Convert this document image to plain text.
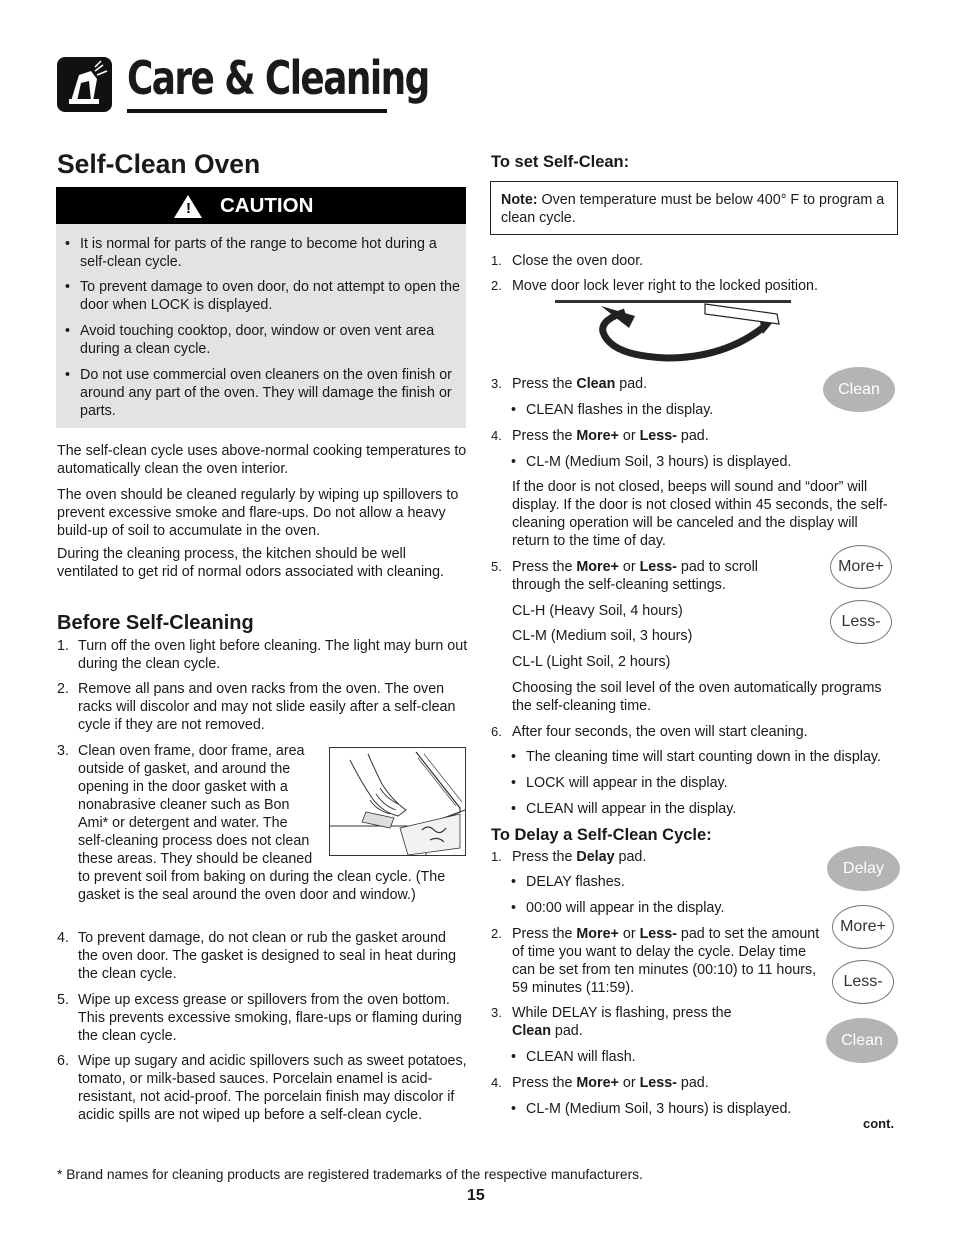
Care & Cleaning
Self-Clean Oven
! CAUTION

• It is normal for parts of the range to become hot during a self-clean cycle.

• To prevent damage to oven door, do not attempt to open the door when LOCK is displayed.

• Avoid touching cooktop, door, window or oven vent area during a clean cycle.

• Do not use commercial oven cleaners on the oven finish or around any part of the oven. They will damage the finish or parts.

The self-clean cycle uses above-normal cooking temperatures to automatically clean the oven interior.

The oven should be cleaned regularly by wiping up spillovers to prevent excessive smoke and flare-ups. Do not allow a heavy build-up of soil to accumulate in the oven.

During the cleaning process, the kitchen should be well ventilated to get rid of normal odors associated with cleaning.

Before Self-Cleaning
1. Turn off the oven light before cleaning. The light may burn out during the clean cycle.

2. Remove all pans and oven racks from the oven. The oven racks will discolor and may not slide easily after a self-clean cycle if they are not removed.

3. Clean oven frame, door frame, area outside of gasket, and around the opening in the door gasket with a nonabrasive cleaner such as Bon Ami* or detergent and water. The self-cleaning process does not clean these areas. They should be cleaned to prevent soil from baking on during the clean cycle. (The gasket is the seal around the oven door and window.)

4. To prevent damage, do not clean or rub the gasket around the oven door. The gasket is designed to seal in heat during the clean cycle.

5. Wipe up excess grease or spillovers from the oven bottom. This prevents excessive smoking, flare-ups or flaming during the clean cycle.

6. Wipe up sugary and acidic spillovers such as sweet potatoes, tomato, or milk-based sauces. Porcelain enamel is acid-resistant, not acid-proof. The porcelain finish may discolor if acidic spills are not wiped up before a self-clean cycle.

* Brand names for cleaning products are registered trademarks of the respective manufacturers.

15
To set Self-Clean:

Note: Oven temperature must be below 400° F to program a clean cycle.

1. Close the oven door.

2. Move door lock lever right to the locked position.

3. Press the Clean pad.

• CLEAN flashes in the display.

Clean
4. Press the More+ or Less- pad.

• CL-M (Medium Soil, 3 hours) is displayed.

If the door is not closed, beeps will sound and “door” will display. If the door is not closed within 45 seconds, the self-cleaning operation will be canceled and the display will return to the time of day.

5. Press the More+ or Less- pad to scroll through the self-cleaning settings.

More+

CL-H (Heavy Soil, 4 hours)

CL-M (Medium soil, 3 hours)

Less-

CL-L (Light Soil, 2 hours)

Choosing the soil level of the oven automatically programs the self-cleaning time.

6. After four seconds, the oven will start cleaning.

• The cleaning time will start counting down in the display.

• LOCK will appear in the display.

• CLEAN will appear in the display.

To Delay a Self-Clean Cycle:
1. Press the Delay pad.

Delay

• DELAY flashes.

• 00:00 will appear in the display.

More+
2. Press the More+ or Less- pad to set the amount of time you want to delay the cycle. Delay time can be set from ten minutes (00:10) to 11 hours, 59 minutes (11:59).	Less-
3. While DELAY is flashing, press the Clean pad.

Clean

• CLEAN will flash.

4. Press the More+ or Less- pad.

• CL-M (Medium Soil, 3 hours) is displayed.

cont.
